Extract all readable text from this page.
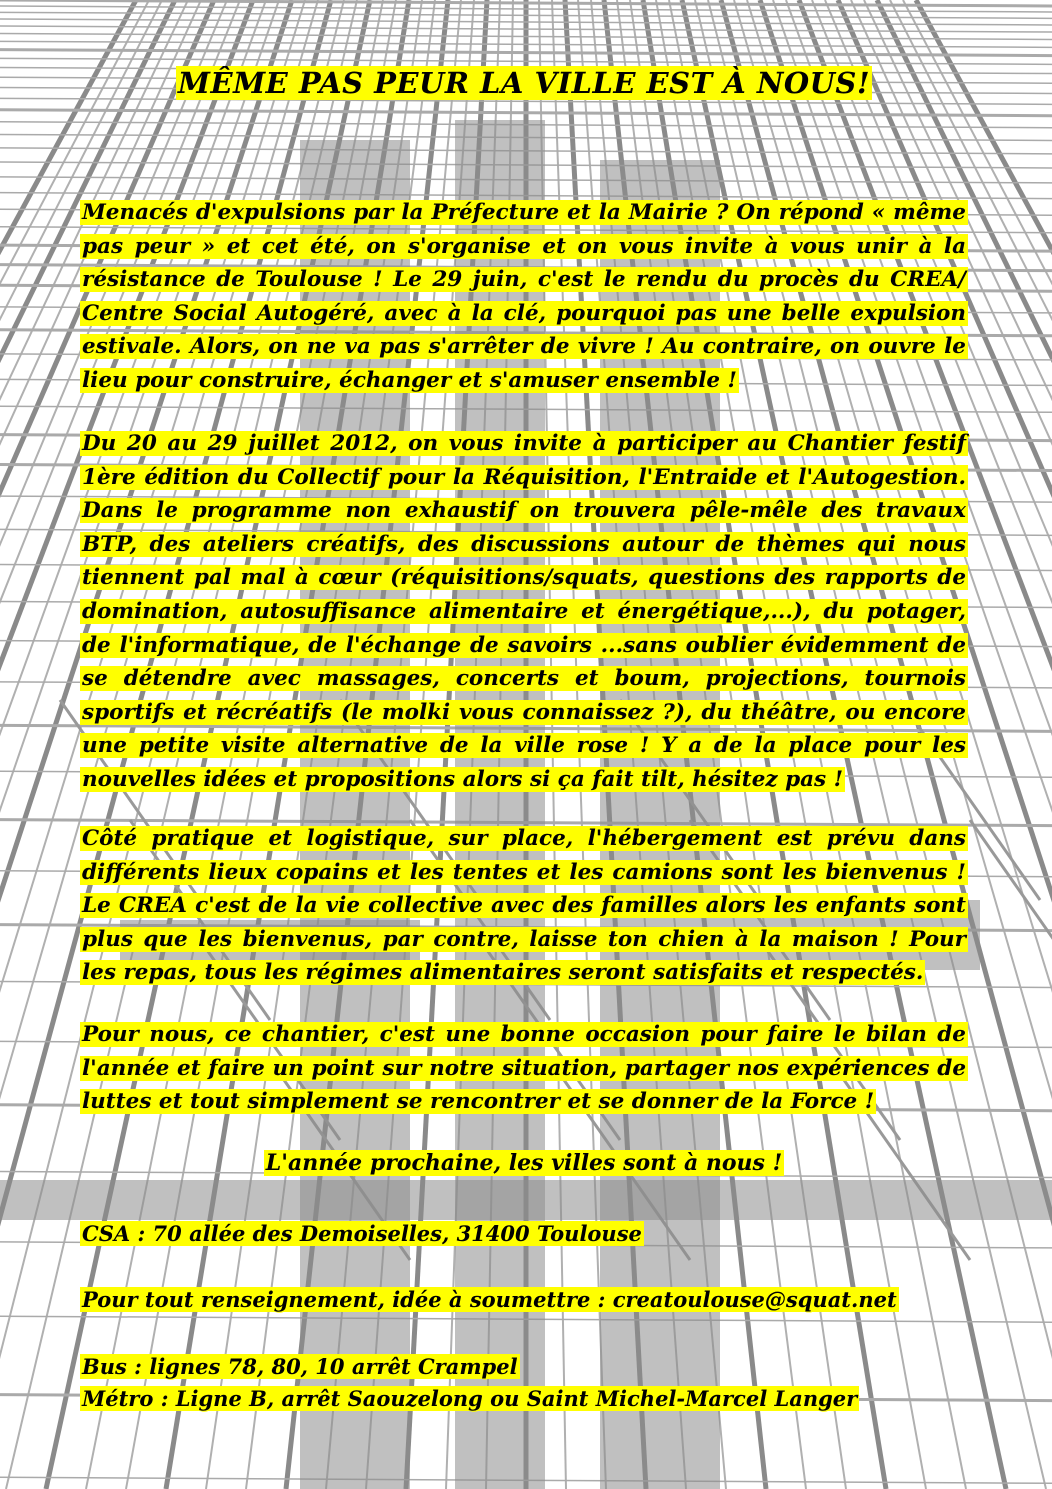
MÊME PAS PEUR LA VILLE EST À NOUS!

Menacés d'expulsions par la Préfecture et la Mairie ? On répond « même pas peur » et cet été, on s'organise et on vous invite à vous unir à la résistance de Toulouse ! Le 29 juin, c'est le rendu du procès du CREA/ Centre Social Autogéré, avec à la clé, pourquoi pas une belle expulsion estivale. Alors, on ne va pas s'arrêter de vivre ! Au contraire, on ouvre le lieu pour construire, échanger et s'amuser ensemble !

Du 20 au 29 juillet 2012, on vous invite à participer au Chantier festif 1ère édition du Collectif pour la Réquisition, l'Entraide et l'Autogestion. Dans le programme non exhaustif on trouvera pêle-mêle des travaux BTP, des ateliers créatifs, des discussions autour de thèmes qui nous tiennent pal mal à cœur (réquisitions/squats, questions des rapports de domination, autosuffisance alimentaire et énergétique,...), du potager, de l'informatique, de l'échange de savoirs ...sans oublier évidemment de se détendre avec massages, concerts et boum, projections, tournois sportifs et récréatifs (le molki vous connaissez ?), du théâtre, ou encore une petite visite alternative de la ville rose ! Y a de la place pour les nouvelles idées et propositions alors si ça fait tilt, hésitez pas !

Côté pratique et logistique, sur place, l'hébergement est prévu dans différents lieux copains et les tentes et les camions sont les bienvenus ! Le CREA c'est de la vie collective avec des familles alors les enfants sont plus que les bienvenus, par contre, laisse ton chien à la maison ! Pour les repas, tous les régimes alimentaires seront satisfaits et respectés.

Pour nous, ce chantier, c'est une bonne occasion pour faire le bilan de l'année et faire un point sur notre situation, partager nos expériences de luttes et tout simplement se rencontrer et se donner de la Force !

L'année prochaine, les villes sont à nous !

CSA : 70 allée des Demoiselles, 31400 Toulouse

Pour tout renseignement, idée à soumettre : creatoulouse@squat.net

Bus : lignes 78, 80, 10 arrêt Crampel
Métro : Ligne B, arrêt Saouzelong ou Saint Michel-Marcel Langer
